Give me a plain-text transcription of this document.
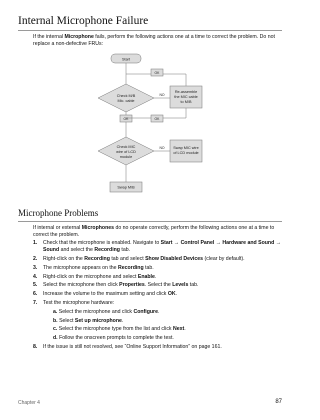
Internal Microphone Failure
If the internal Microphone fails, perform the following actions one at a time to correct the problem. Do not replace a non-defective FRUs:
Start
Check M/B
Mic. cable
NO
Re-assemble
the MIC cable
to M/B
OK
OK	OK
Check MIC
wire of LCD
module
NO Swap MIC wire
of LCD module
Swap M/B
Microphone Problems
If internal or external Microphones do no operate correctly, perform the following actions one at a time to correct the problem.
1. Check that the microphone is enabled. Navigate to Start → Control Panel → Hardware and Sound → Sound and select the Recording tab.
2. Right-click on the Recording tab and select Show Disabled Devices (clear by default).
3. The microphone appears on the Recording tab.
4. Right-click on the microphone and select Enable.
5. Select the microphone then click Properties. Select the Levels tab.
6. Increase the volume to the maximum setting and click OK.
7. Test the microphone hardware:
a. Select the microphone and click Configure.
b. Select Set up microphone.
c. Select the microphone type from the list and click Next.
d. Follow the onscreen prompts to complete the test.
8. If the issue is still not resolved, see “Online Support Information” on page 161.
Chapter 4	87
